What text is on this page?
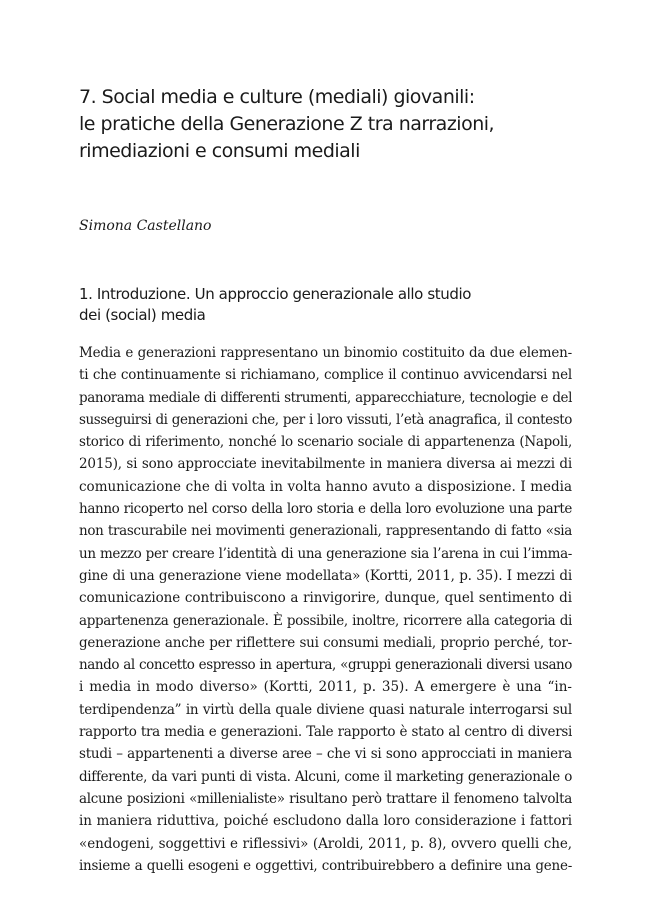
7. Social media e culture (mediali) giovanili:
le pratiche della Generazione Z tra narrazioni,
rimediazioni e consumi mediali
Simona Castellano
1. Introduzione. Un approccio generazionale allo studio
dei (social) media
Media e generazioni rappresentano un binomio costituito da due elemen-
ti che continuamente si richiamano, complice il continuo avvicendarsi nel
panorama mediale di differenti strumenti, apparecchiature, tecnologie e del
susseguirsi di generazioni che, per i loro vissuti, l’età anagrafica, il contesto
storico di riferimento, nonché lo scenario sociale di appartenenza (Napoli,
2015), si sono approcciate inevitabilmente in maniera diversa ai mezzi di
comunicazione che di volta in volta hanno avuto a disposizione. I media
hanno ricoperto nel corso della loro storia e della loro evoluzione una parte
non trascurabile nei movimenti generazionali, rappresentando di fatto «sia
un mezzo per creare l’identità di una generazione sia l’arena in cui l’imma-
gine di una generazione viene modellata» (Kortti, 2011, p. 35). I mezzi di
comunicazione contribuiscono a rinvigorire, dunque, quel sentimento di
appartenenza generazionale. È possibile, inoltre, ricorrere alla categoria di
generazione anche per riflettere sui consumi mediali, proprio perché, tor-
nando al concetto espresso in apertura, «gruppi generazionali diversi usano
i media in modo diverso» (Kortti, 2011, p. 35). A emergere è una “in-
terdipendenza” in virtù della quale diviene quasi naturale interrogarsi sul
rapporto tra media e generazioni. Tale rapporto è stato al centro di diversi
studi – appartenenti a diverse aree – che vi si sono approcciati in maniera
differente, da vari punti di vista. Alcuni, come il marketing generazionale o
alcune posizioni «millenialiste» risultano però trattare il fenomeno talvolta
in maniera riduttiva, poiché escludono dalla loro considerazione i fattori
«endogeni, soggettivi e riflessivi» (Aroldi, 2011, p. 8), ovvero quelli che,
insieme a quelli esogeni e oggettivi, contribuirebbero a definire una gene-
